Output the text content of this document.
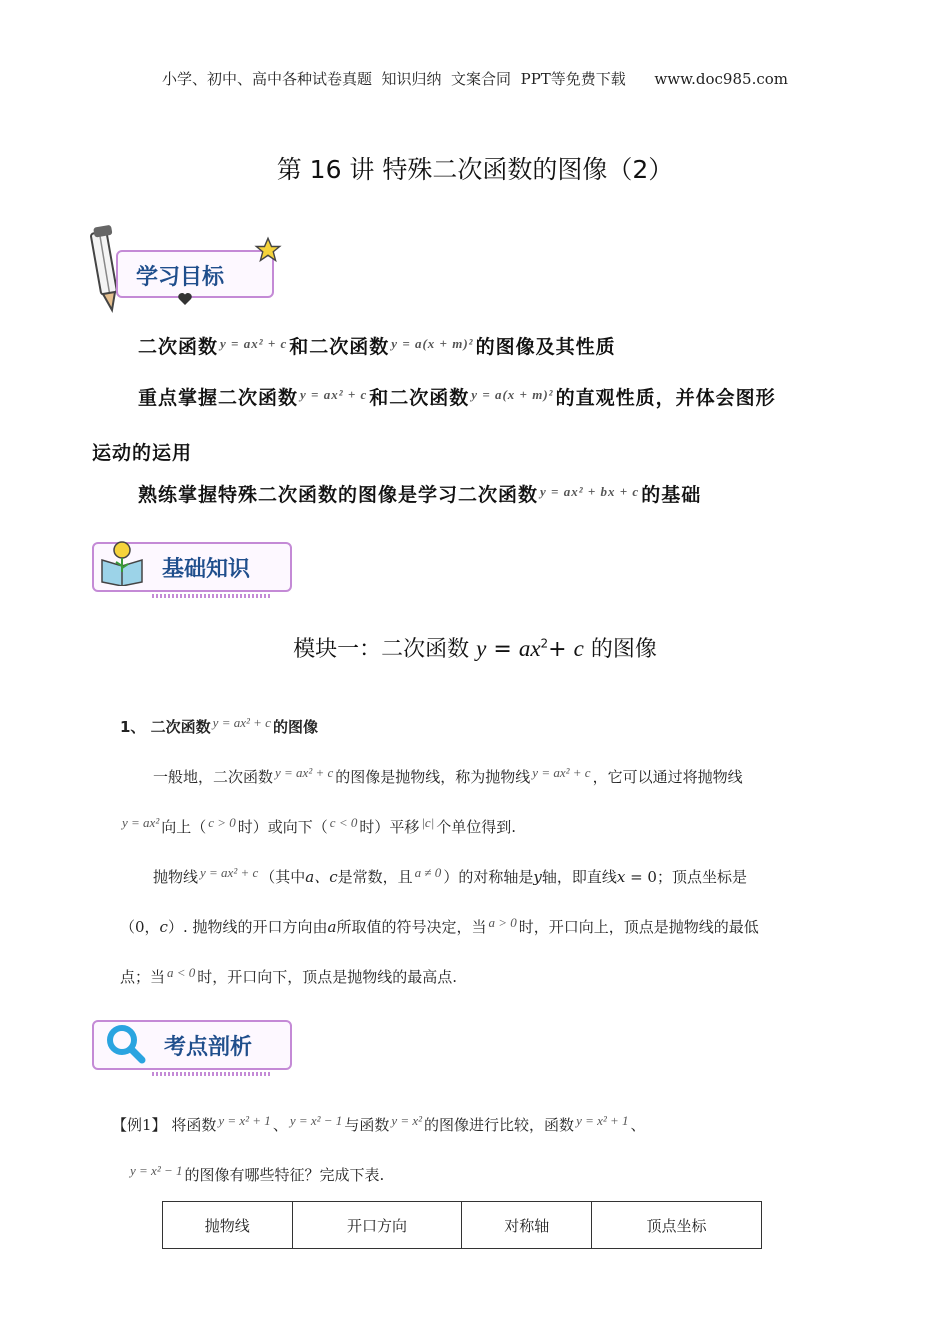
小学、初中、高中各种试卷真题  知识归纳  文案合同  PPT等免费下载      www.doc985.com
第 16 讲 特殊二次函数的图像（2）
学习目标
二次函数 $^{y = ax^2 + c}$ 和二次函数 $^{y = a(x + m)^2}$ 的图像及其性质
重点掌握二次函数 $^{y = ax^2 + c}$ 和二次函数 $^{y = a(x + m)^2}$ 的直观性质，并体会图形
运动的运用
熟练掌握特殊二次函数的图像是学习二次函数 $^{y = ax^2 + bx + c}$ 的基础
基础知识
模块一：二次函数 $y = ax^2+ c$ 的图像
1、 二次函数 y = ax² + c 的图像
一般地，二次函数 y = ax² + c 的图像是抛物线，称为抛物线 y = ax² + c ，它可以通过将抛物线
y = ax² 向上（ c > 0 时）或向下（ c < 0 时）平移 |c| 个单位得到.
抛物线 y = ax² + c （其中a、c是常数，且 a ≠ 0 ）的对称轴是y轴，即直线x = 0；顶点坐标是
（0，c）. 抛物线的开口方向由a所取值的符号决定，当 a > 0 时，开口向上，顶点是抛物线的最低
点；当 a < 0 时，开口向下，顶点是抛物线的最高点.
考点剖析
【例1】 将函数 y = x² + 1 、 y = x² − 1 与函数 y = x² 的图像进行比较，函数 y = x² + 1 、
y = x² − 1 的图像有哪些特征？完成下表.
抛物线	开口方向	对称轴	顶点坐标
